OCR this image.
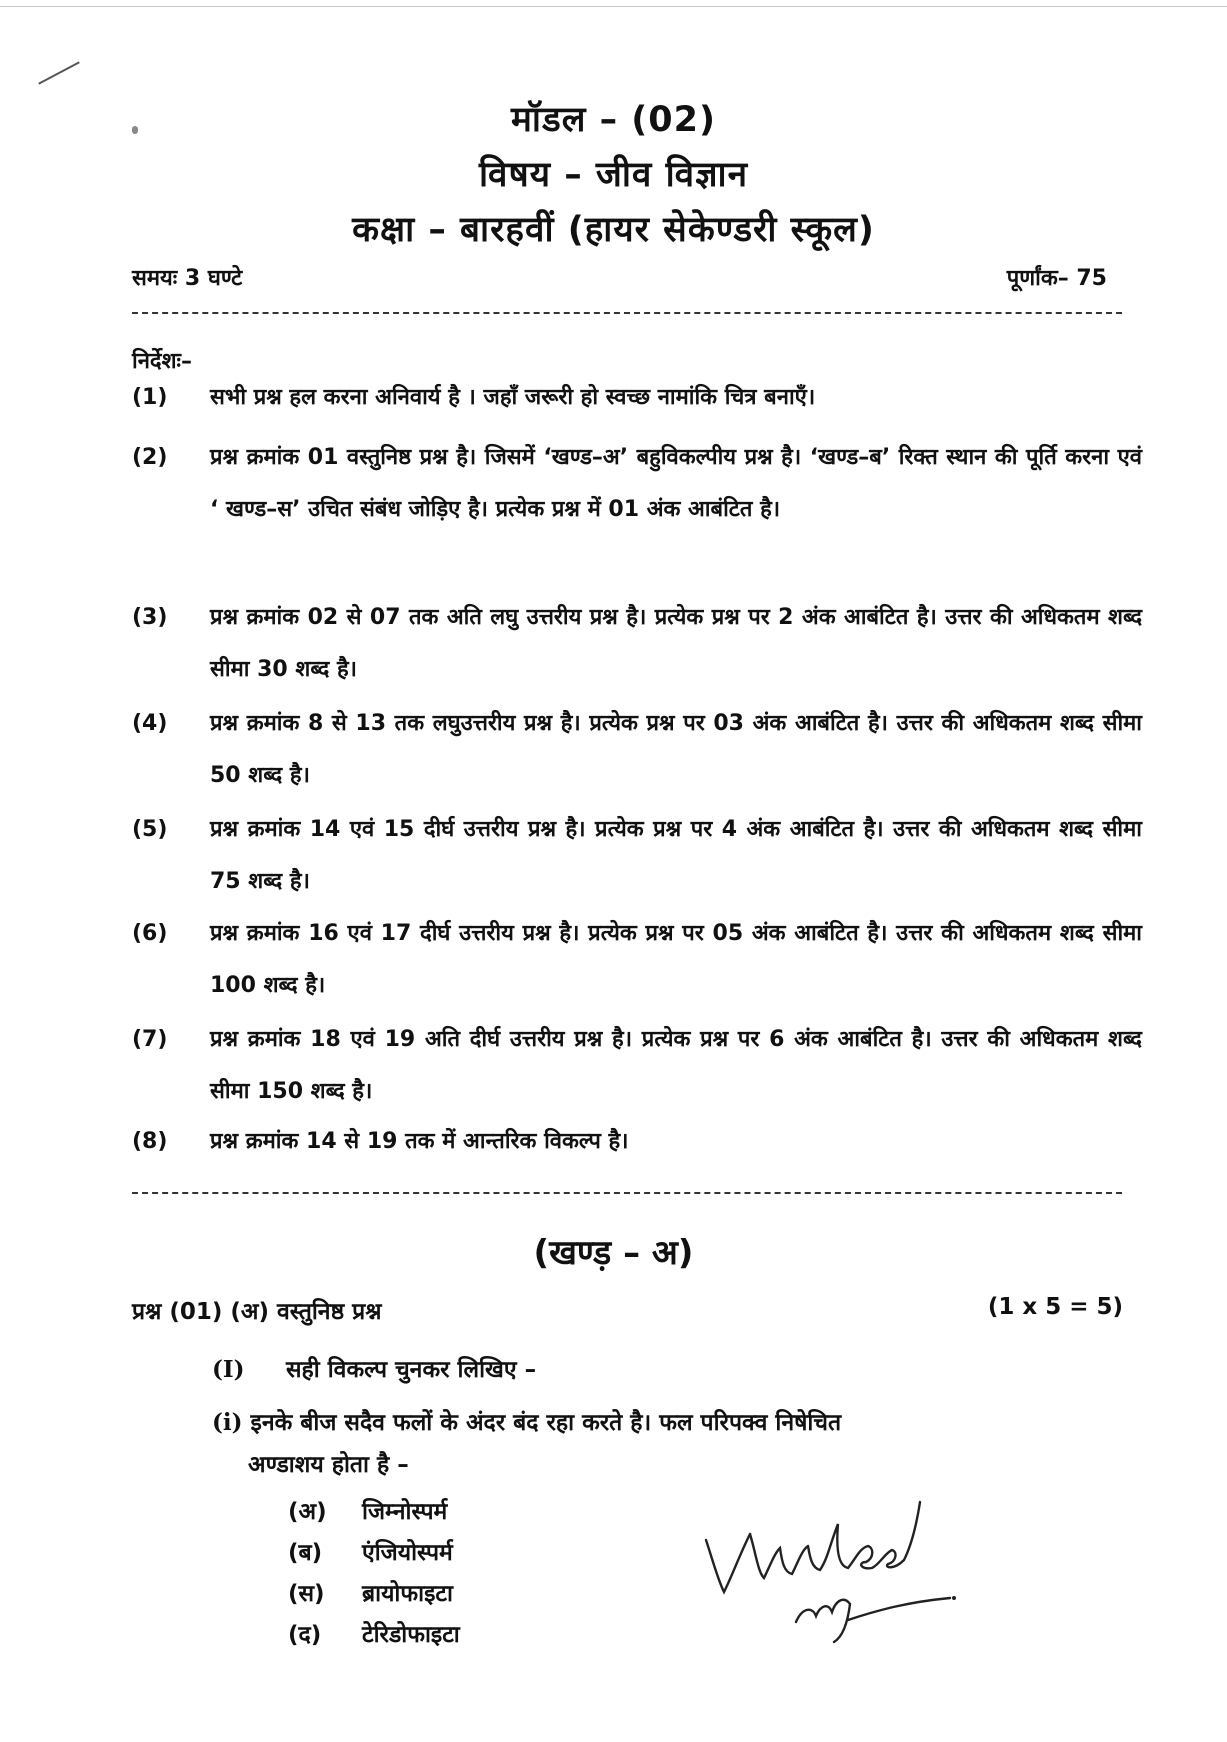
मॉडल – (02)
विषय – जीव विज्ञान
कक्षा – बारहवीं (हायर सेकेण्डरी स्कूल)
समयः 3 घण्टे	पूर्णांक– 75
निर्देशः–
(1)	सभी प्रश्न हल करना अनिवार्य है । जहाँ जरूरी हो स्वच्छ नामांकि चित्र बनाएँ।
(2)	प्रश्न क्रमांक 01 वस्तुनिष्ठ प्रश्न है। जिसमें ‘खण्ड–अ’ बहुविकल्पीय प्रश्न है। ‘खण्ड–ब’ रिक्त स्थान की पूर्ति करना एवं ‘ खण्ड–स’ उचित संबंध जोड़िए है। प्रत्येक प्रश्न में 01 अंक आबंटित है।
(3)	प्रश्न क्रमांक 02 से 07 तक अति लघु उत्तरीय प्रश्न है। प्रत्येक प्रश्न पर 2 अंक आबंटित है। उत्तर की अधिकतम शब्द सीमा 30 शब्द है।
(4)	प्रश्न क्रमांक 8 से 13 तक लघुउत्तरीय प्रश्न है। प्रत्येक प्रश्न पर 03 अंक आबंटित है। उत्तर की अधिकतम शब्द सीमा 50 शब्द है।
(5)	प्रश्न क्रमांक 14 एवं 15 दीर्घ उत्तरीय प्रश्न है। प्रत्येक प्रश्न पर 4 अंक आबंटित है। उत्तर की अधिकतम शब्द सीमा 75 शब्द है।
(6)	प्रश्न क्रमांक 16 एवं 17 दीर्घ उत्तरीय प्रश्न है। प्रत्येक प्रश्न पर 05 अंक आबंटित है। उत्तर की अधिकतम शब्द सीमा 100 शब्द है।
(7)	प्रश्न क्रमांक 18 एवं 19 अति दीर्घ उत्तरीय प्रश्न है। प्रत्येक प्रश्न पर 6 अंक आबंटित है। उत्तर की अधिकतम शब्द सीमा 150 शब्द है।
(8)	प्रश्न क्रमांक 14 से 19 तक में आन्तरिक विकल्प है।
(खण्ड़ – अ)
प्रश्न (01) (अ) वस्तुनिष्ठ प्रश्न	(1 x 5 = 5)
(I) सही विकल्प चुनकर लिखिए –
(i) इनके बीज सदैव फलों के अंदर बंद रहा करते है। फल परिपक्व निषेचित
अण्डाशय होता है –
(अ) जिम्नोस्पर्म
(ब) एंजियोस्पर्म
(स) ब्रायोफाइटा
(द) टेरिडोफाइटा
